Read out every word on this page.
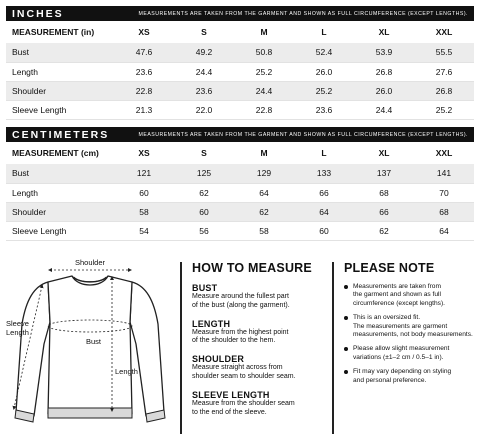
INCHES	MEASUREMENTS ARE TAKEN FROM THE GARMENT AND SHOWN AS FULL CIRCUMFERENCE (EXCEPT LENGTHS).
MEASUREMENT (in)	XS	S	M	L	XL	XXL
Bust	47.6	49.2	50.8	52.4	53.9	55.5
Length	23.6	24.4	25.2	26.0	26.8	27.6
Shoulder	22.8	23.6	24.4	25.2	26.0	26.8
Sleeve Length	21.3	22.0	22.8	23.6	24.4	25.2
CENTIMETERS	MEASUREMENTS ARE TAKEN FROM THE GARMENT AND SHOWN AS FULL CIRCUMFERENCE (EXCEPT LENGTHS).
MEASUREMENT (cm)	XS	S	M	L	XL	XXL
Bust	121	125	129	133	137	141
Length	60	62	64	66	68	70
Shoulder	58	60	62	64	66	68
Sleeve Length	54	56	58	60	62	64
Shoulder
Sleeve
Length
Bust
Length
HOW TO MEASURE
BUST
Measure around the fullest part
of the bust (along the garment).
LENGTH
Measure from the highest point
of the shoulder to the hem.
SHOULDER
Measure straight across from
shoulder seam to shoulder seam.
SLEEVE LENGTH
Measure from the shoulder seam
to the end of the sleeve.
PLEASE NOTE
Measurements are taken from
the garment and shown as full
circumference (except lengths).
This is an oversized fit.
The measurements are garment
measurements, not body measurements.
Please allow slight measurement
variations (±1–2 cm / 0.5–1 in).
Fit may vary depending on styling
and personal preference.
